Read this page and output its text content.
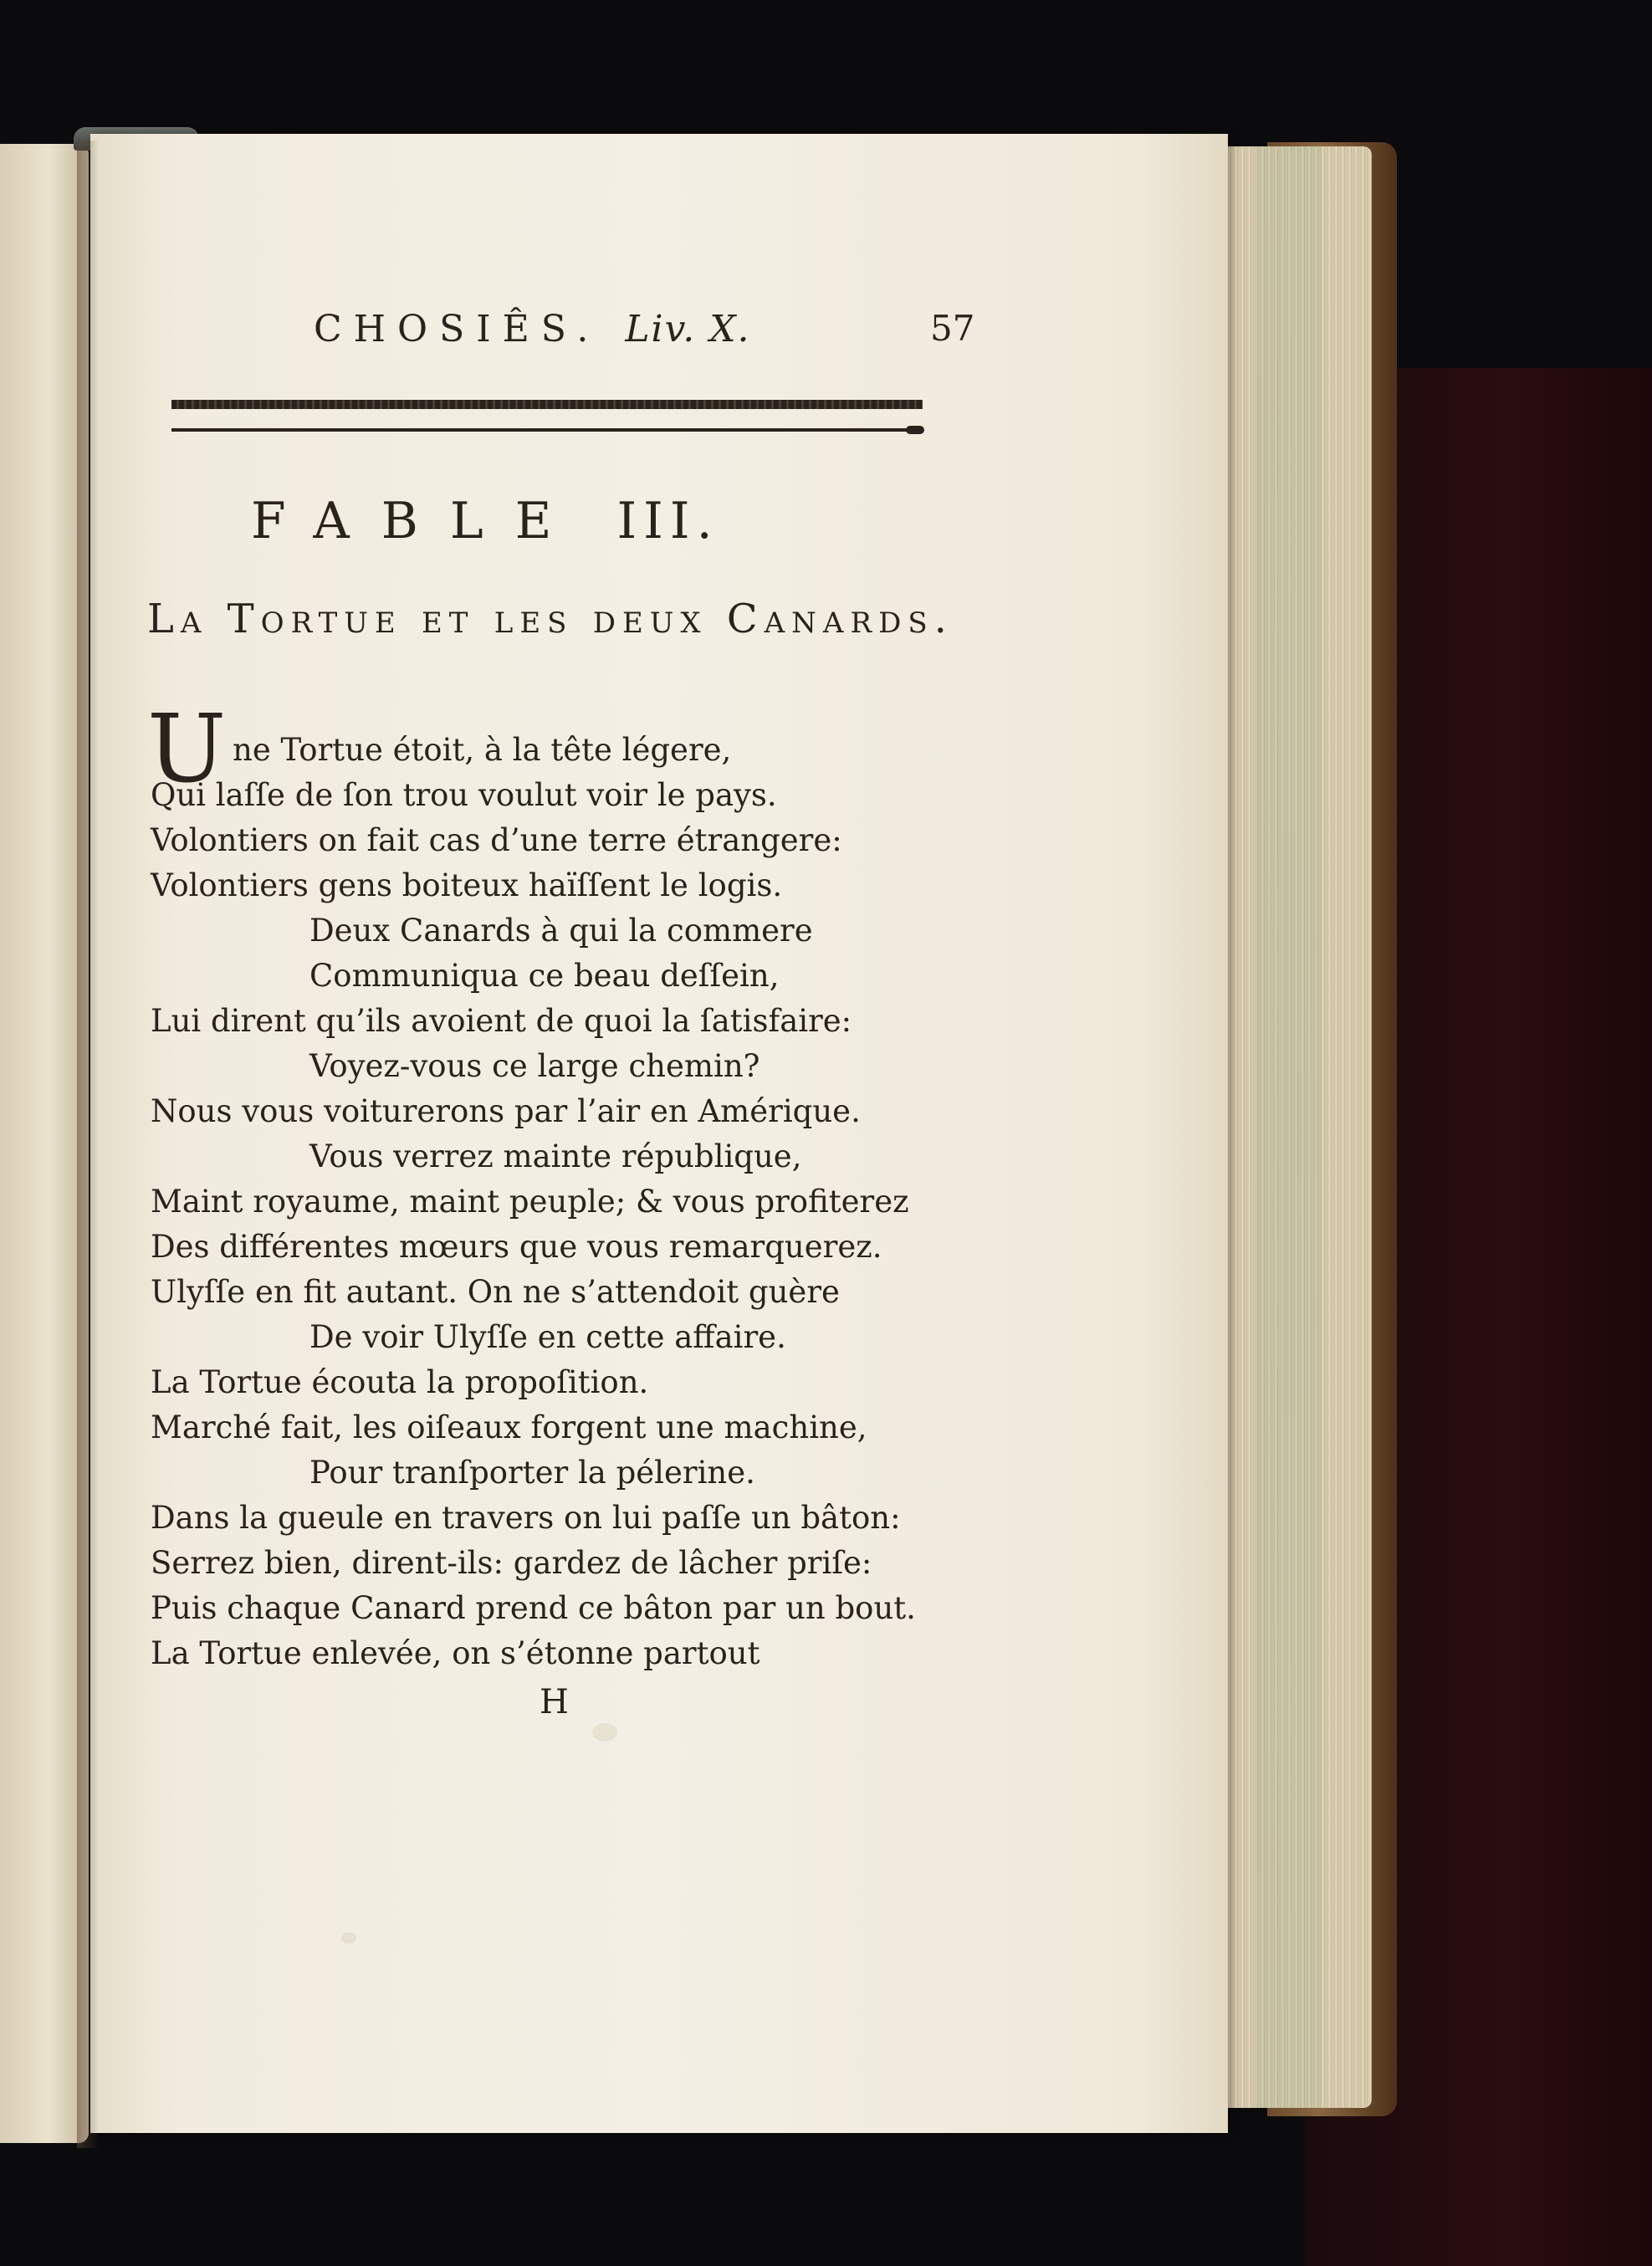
CHOSIÊS. Liv. X.	57
FABLE III.
La Tortue et les deux Canards.
U ne Tortue étoit, à la tête légere,
Qui laſſe de ſon trou voulut voir le pays.
Volontiers on fait cas d’une terre étrangere:
Volontiers gens boiteux haïſſent le logis.
Deux Canards à qui la commere
Communiqua ce beau deſſein,
Lui dirent qu’ils avoient de quoi la ſatisfaire:
Voyez-vous ce large chemin?
Nous vous voiturerons par l’air en Amérique.
Vous verrez mainte république,
Maint royaume, maint peuple; & vous profiterez
Des différentes mœurs que vous remarquerez.
Ulyſſe en fit autant. On ne s’attendoit guère
De voir Ulyſſe en cette affaire.
La Tortue écouta la propoſition.
Marché fait, les oiſeaux forgent une machine,
Pour tranſporter la pélerine.
Dans la gueule en travers on lui paſſe un bâton:
Serrez bien, dirent-ils: gardez de lâcher priſe:
Puis chaque Canard prend ce bâton par un bout.
La Tortue enlevée, on s’étonne partout
H
